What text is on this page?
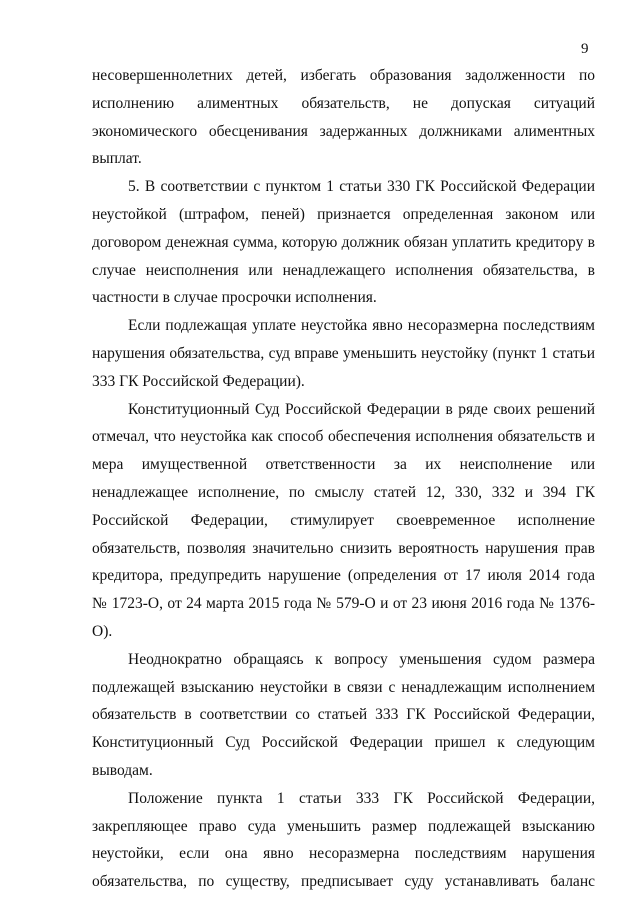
9
несовершеннолетних детей, избегать образования задолженности по
исполнению алиментных обязательств, не допуская ситуаций
экономического обесценивания задержанных должниками алиментных
выплат.
5. В соответствии с пунктом 1 статьи 330 ГК Российской Федерации
неустойкой (штрафом, пеней) признается определенная законом или
договором денежная сумма, которую должник обязан уплатить кредитору в
случае неисполнения или ненадлежащего исполнения обязательства, в
частности в случае просрочки исполнения.
Если подлежащая уплате неустойка явно несоразмерна последствиям
нарушения обязательства, суд вправе уменьшить неустойку (пункт 1 статьи
333 ГК Российской Федерации).
Конституционный Суд Российской Федерации в ряде своих решений
отмечал, что неустойка как способ обеспечения исполнения обязательств и
мера имущественной ответственности за их неисполнение или
ненадлежащее исполнение, по смыслу статей 12, 330, 332 и 394 ГК
Российской Федерации, стимулирует своевременное исполнение
обязательств, позволяя значительно снизить вероятность нарушения прав
кредитора, предупредить нарушение (определения от 17 июля 2014 года
№ 1723-О, от 24 марта 2015 года № 579-О и от 23 июня 2016 года № 1376-
О).
Неоднократно обращаясь к вопросу уменьшения судом размера
подлежащей взысканию неустойки в связи с ненадлежащим исполнением
обязательств в соответствии со статьей 333 ГК Российской Федерации,
Конституционный Суд Российской Федерации пришел к следующим
выводам.
Положение пункта 1 статьи 333 ГК Российской Федерации,
закрепляющее право суда уменьшить размер подлежащей взысканию
неустойки, если она явно несоразмерна последствиям нарушения
обязательства, по существу, предписывает суду устанавливать баланс
